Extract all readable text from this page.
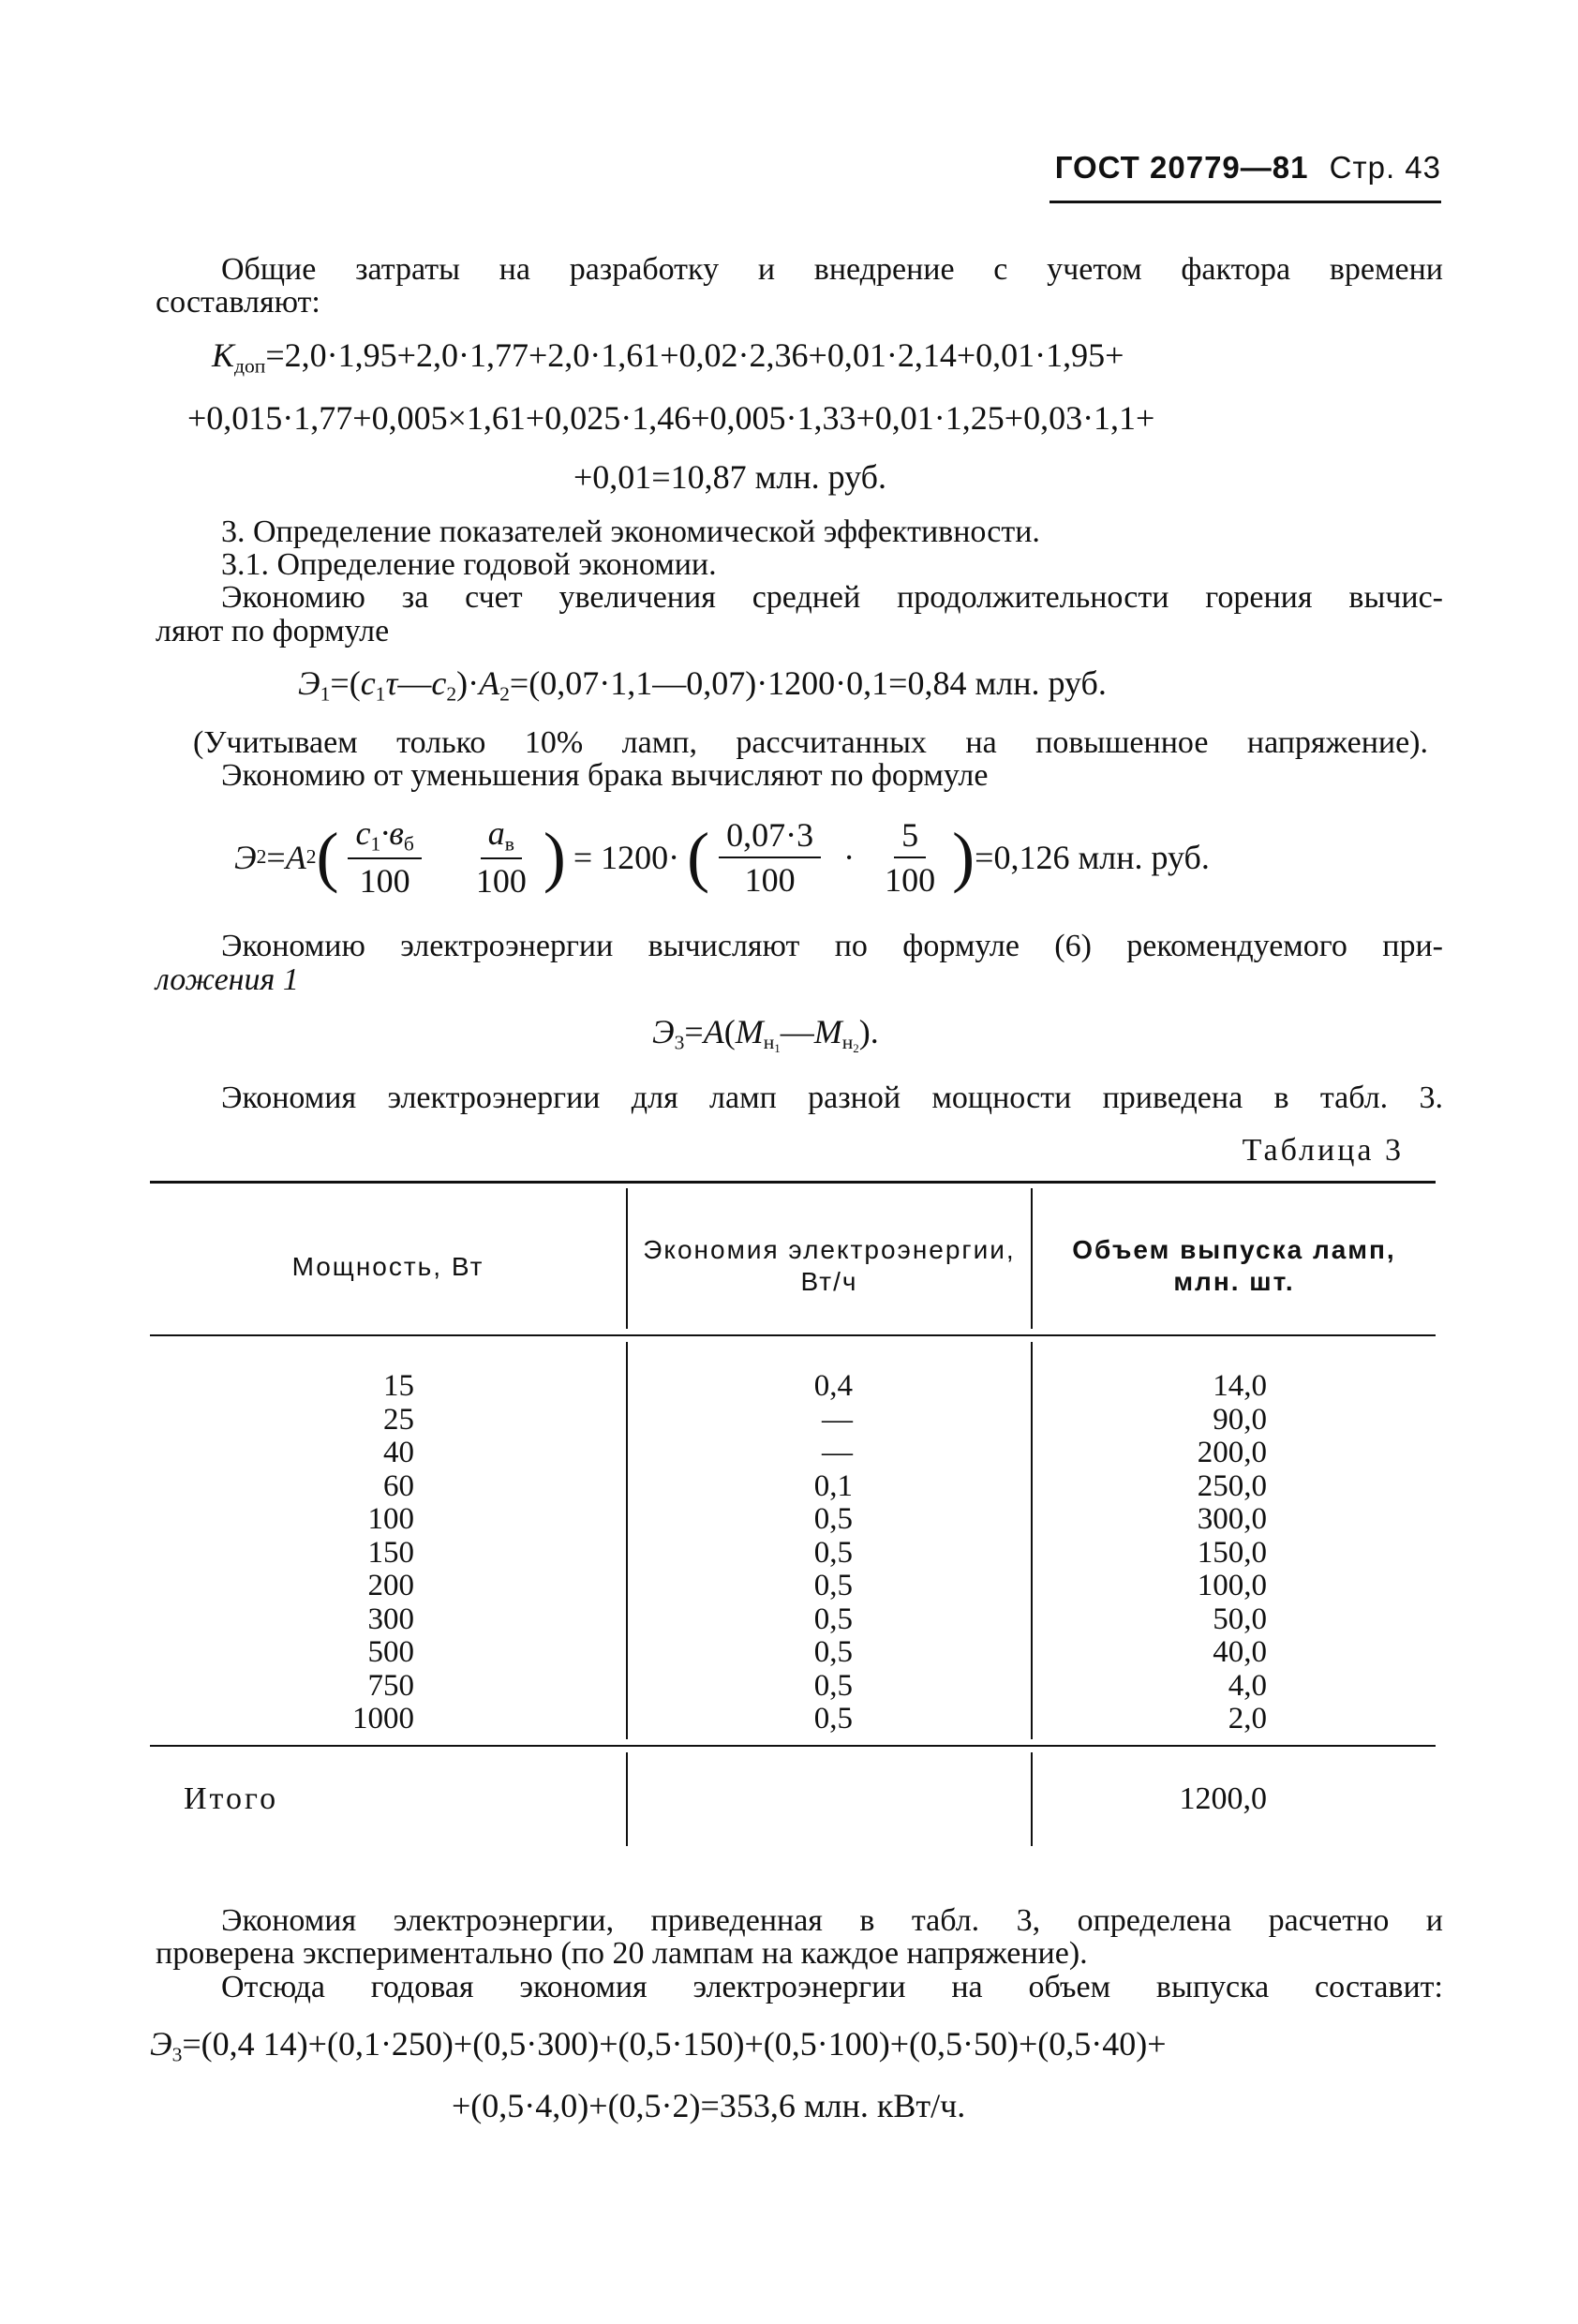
ГОСТ 20779—81 Стр. 43
Общие затраты на разработку и внедрение с учетом фактора времени
составляют:
$K_{доп}=2,0\cdot 1,95+2,0\cdot 1,77+2,0\cdot 1,61+0,02\cdot 2,36+0,01\cdot 2,14+0,01\cdot 1,95+$
+0,015·1,77+0,005×1,61+0,025·1,46+0,005·1,33+0,01·1,25+0,03·1,1+
+0,01=10,87 млн. руб.
3. Определение показателей экономической эффективности.
3.1. Определение годовой экономии.
Экономию за счет увеличения средней продолжительности горения вычис-
ляют по формуле
$Э_1=(c_1\tau—c_2)\cdot A_2=(0,07\cdot 1,1—0,07)\cdot 1200\cdot 0,1=0,84$ млн. руб.
(Учитываем только 10% ламп, рассчитанных на повышенное напряжение).
Экономию от уменьшения брака вычисляют по формуле
Э 2 = A 2 ( $\frac{c_1\cdot в_б}{100} \frac{а_в}{100}$ ) = 1200· ( $\frac{0,07\cdot 3}{100} \cdot \frac{5}{100}$ ) =0,126 млн. руб.
Экономию электроэнергии вычисляют по формуле (6) рекомендуемого при-
ложения 1
$Э_3=A(M_{н_1}—M_{н_2})$.
Экономия электроэнергии для ламп разной мощности приведена в табл. 3.
Таблица 3
Мощность, Вт
Экономия электроэнергии,
Вт/ч
Объем выпуска ламп,
млн. шт.
15
25
40
60
100
150
200
300
500
750
1000
0,4
—
—
0,1
0,5
0,5
0,5
0,5
0,5
0,5
0,5
14,0
90,0
200,0
250,0
300,0
150,0
100,0
50,0
40,0
4,0
2,0
Итого	1200,0
Экономия электроэнергии, приведенная в табл. 3, определена расчетно и
проверена экспериментально (по 20 лампам на каждое напряжение).
Отсюда годовая экономия электроэнергии на объем выпуска составит:
$Э_3=(0,4$ 14)+(0,1·250)+(0,5·300)+(0,5·150)+(0,5·100)+(0,5·50)+(0,5·40)+
+(0,5·4,0)+(0,5·2)=353,6 млн. кВт/ч.
